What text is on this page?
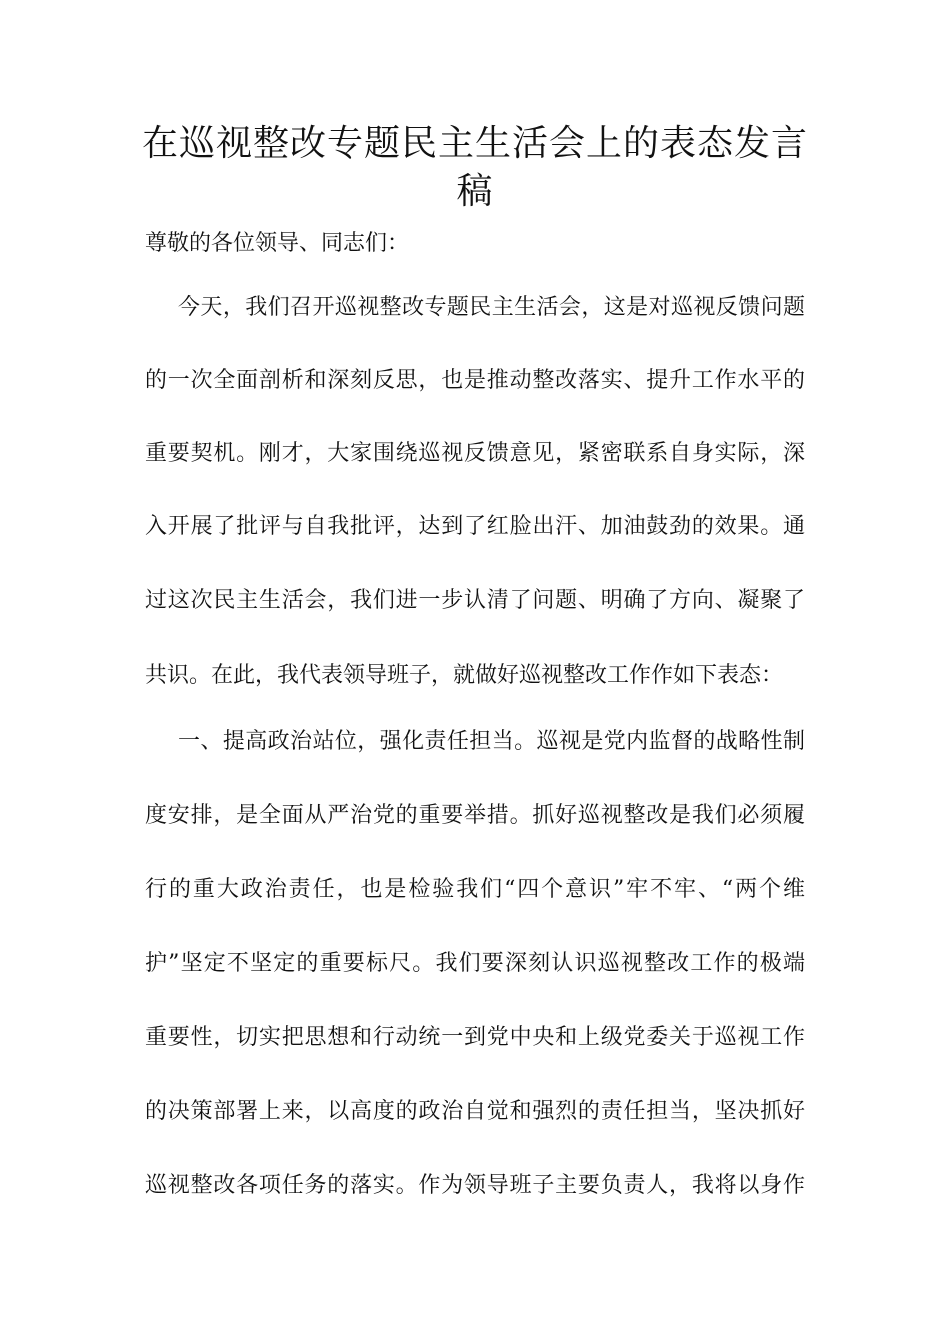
在巡视整改专题民主生活会上的表态发言
稿
尊敬的各位领导、同志们：
今天，我们召开巡视整改专题民主生活会，这是对巡视反馈问题
的一次全面剖析和深刻反思，也是推动整改落实、提升工作水平的
重要契机。刚才，大家围绕巡视反馈意见，紧密联系自身实际，深
入开展了批评与自我批评，达到了红脸出汗、加油鼓劲的效果。通
过这次民主生活会，我们进一步认清了问题、明确了方向、凝聚了
共识。在此，我代表领导班子，就做好巡视整改工作作如下表态：
一、提高政治站位，强化责任担当。巡视是党内监督的战略性制
度安排，是全面从严治党的重要举措。抓好巡视整改是我们必须履
行的重大政治责任，也是检验我们“四个意识”牢不牢、“两个维
护”坚定不坚定的重要标尺。我们要深刻认识巡视整改工作的极端
重要性，切实把思想和行动统一到党中央和上级党委关于巡视工作
的决策部署上来，以高度的政治自觉和强烈的责任担当，坚决抓好
巡视整改各项任务的落实。作为领导班子主要负责人，我将以身作
